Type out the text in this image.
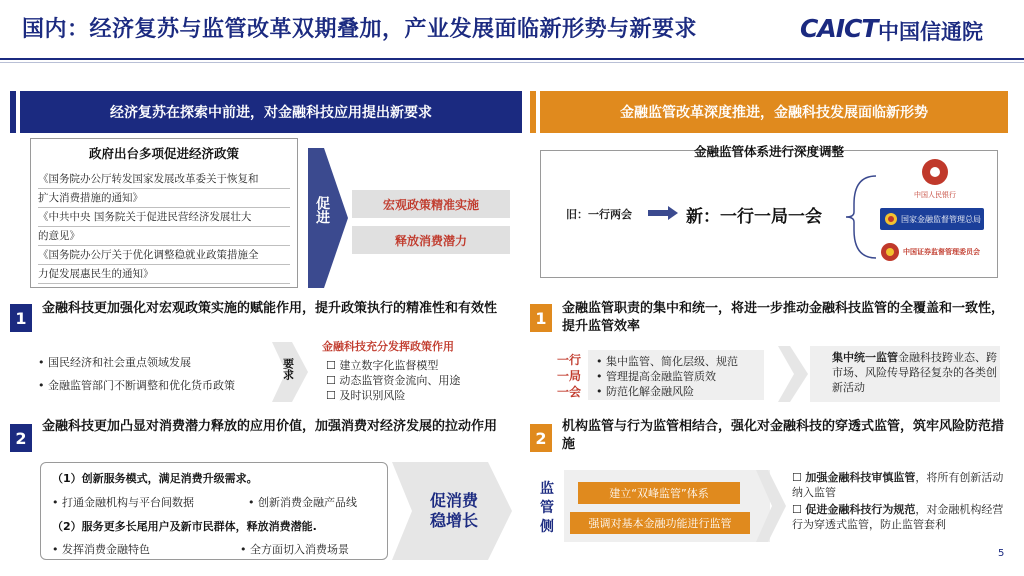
国内：经济复苏与监管改革双期叠加，产业发展面临新形势与新要求	CAICT 中国信通院
经济复苏在探索中前进，对金融科技应用提出新要求	金融监管改革深度推进，金融科技发展面临新形势
政府出台多项促进经济政策
《国务院办公厅转发国家发展改革委关于恢复和
扩大消费措施的通知》
《中共中央 国务院关于促进民营经济发展壮大
的意见》
《国务院办公厅关于优化调整稳就业政策措施全
力促发展惠民生的通知》
促进	宏观政策精准实施
释放消费潜力
1	金融科技更加强化对宏观政策实施的赋能作用，提升政策执行的精准性和有效性
• 国民经济和社会重点领域发展
• 金融监管部门不断调整和优化货币政策
要求
金融科技充分发挥政策作用
☐ 建立数字化监督模型
☐ 动态监管资金流向、用途
☐ 及时识别风险
2
金融科技更加凸显对消费潜力释放的应用价值，加强消费对经济发展的拉动作用
（1）创新服务模式，满足消费升级需求。
• 打通金融机构与平台间数据	• 创新消费金融产品线
（2）服务更多长尾用户及新市民群体，释放消费潜能.
• 发挥消费金融特色	• 全方面切入消费场景
促消费稳增长
金融监管体系进行深度调整
旧：一行两会	新：一行一局一会
中国人民银行
国家金融监督管理总局
中国证券监督管理委员会
1	金融监管职责的集中和统一，将进一步推动金融科技监管的全覆盖和一致性，提升监管效率
一行一局一会
• 集中监管、简化层级、规范
• 管理提高金融监管质效
• 防范化解金融风险
集中统一监管金融科技跨业态、跨市场、风险传导路径复杂的各类创新活动
2
机构监管与行为监管相结合，强化对金融科技的穿透式监管，筑牢风险防范措施
监管侧
建立“双峰监管”体系
强调对基本金融功能进行监管
☐ 加强金融科技审慎监管，将所有创新活动纳入监管
☐ 促进金融科技行为规范，对金融机构经营行为穿透式监管，防止监管套利
5
